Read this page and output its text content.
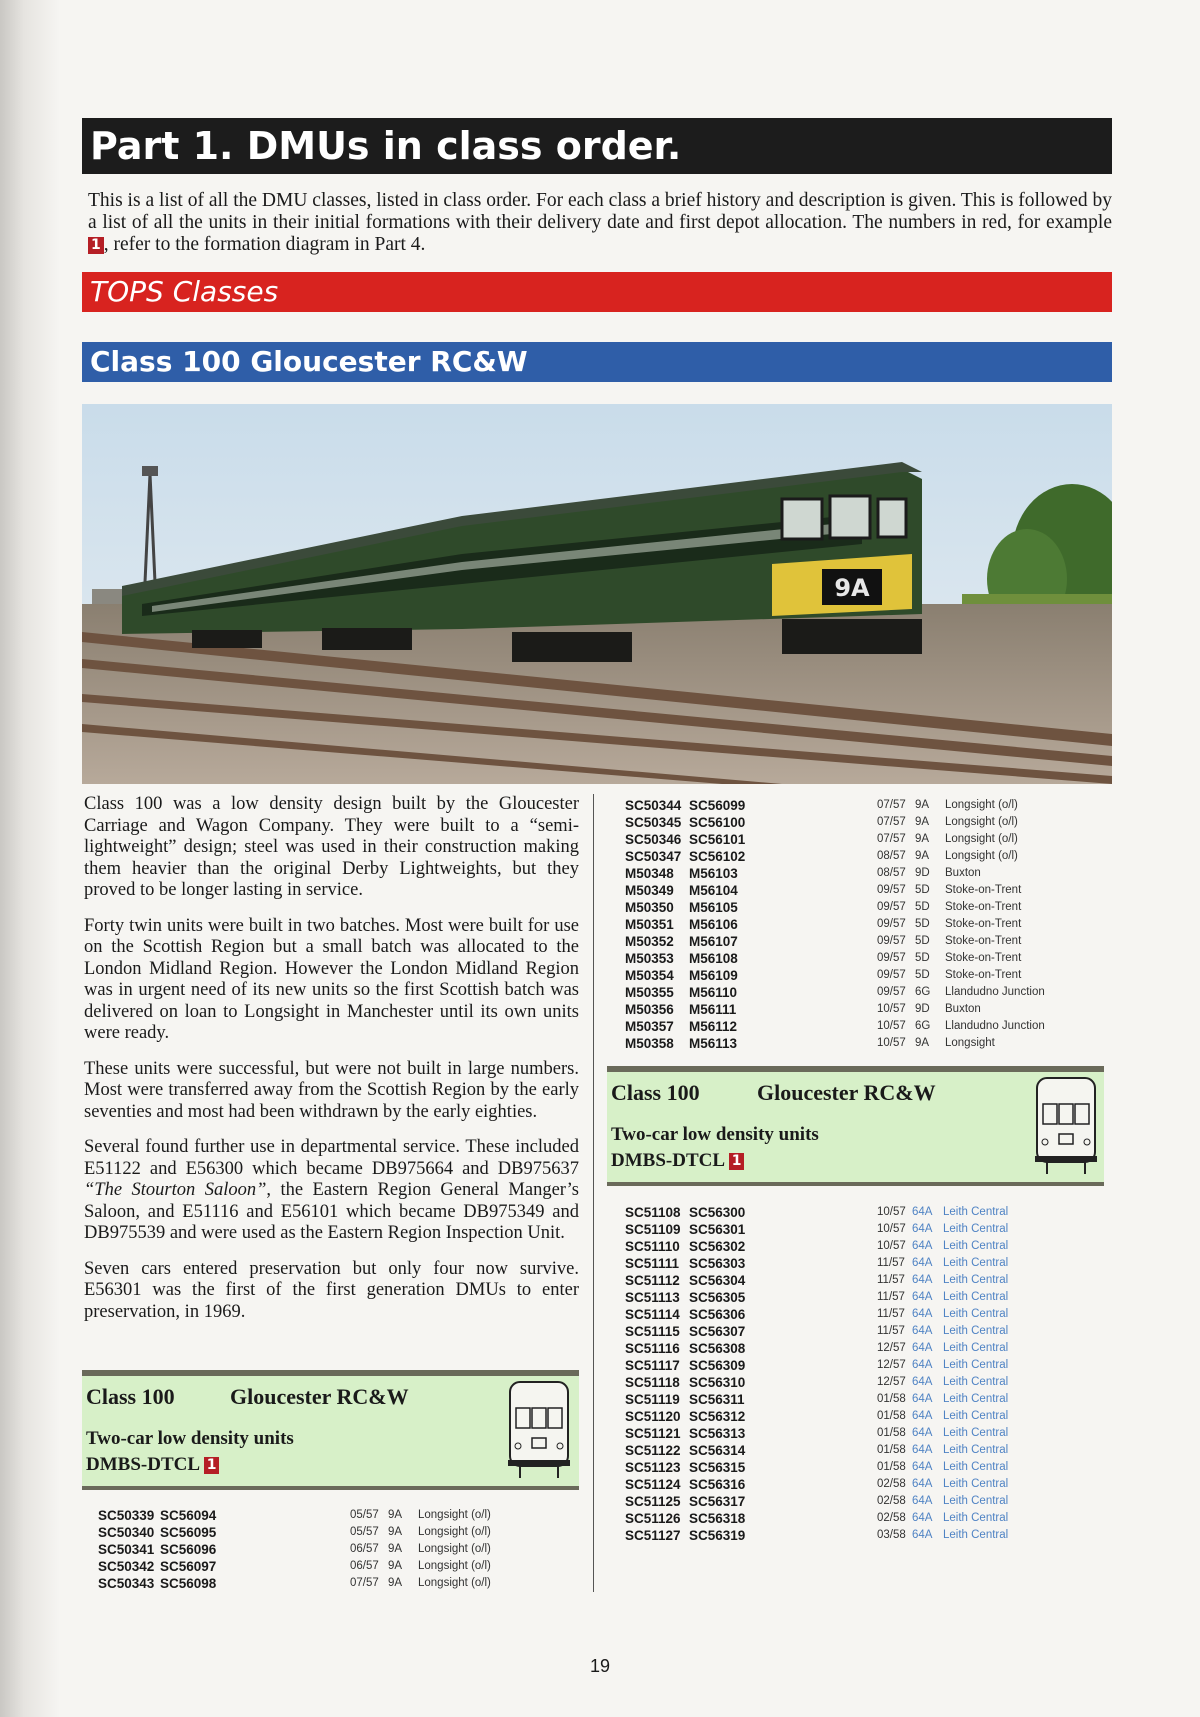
Part 1. DMUs in class order.
This is a list of all the DMU classes, listed in class order. For each class a brief history and description is given. This is followed by a list of all the units in their initial formations with their delivery date and first depot allocation. The numbers in red, for example 1 , refer to the formation diagram in Part 4.
TOPS Classes
Class 100 Gloucester RC&W
9A

Class 100 was a low density design built by the Gloucester Carriage and Wagon Company. They were built to a “semi-lightweight” design; steel was used in their construction making them heavier than the original Derby Lightweights, but they proved to be longer lasting in service.

Forty twin units were built in two batches. Most were built for use on the Scottish Region but a small batch was allocated to the London Midland Region. However the London Midland Region was in urgent need of its new units so the first Scottish batch was delivered on loan to Longsight in Manchester until its own units were ready.

These units were successful, but were not built in large numbers. Most were transferred away from the Scottish Region by the early seventies and most had been withdrawn by the early eighties.

Several found further use in departmental service. These included E51122 and E56300 which became DB975664 and DB975637 “The Stourton Saloon”, the Eastern Region General Manger’s Saloon, and E51116 and E56101 which became DB975349 and DB975539 and were used as the Eastern Region Inspection Unit.

Seven cars entered preservation but only four now survive. E56301 was the first of the first generation DMUs to enter preservation, in 1969.

Class 100	Gloucester RC&W
Two-car low density units
DMBS-DTCL 1
Class 100	Gloucester RC&W
Two-car low density units
DMBS-DTCL 1
SC50339 SC56094	05/57 9A Longsight (o/l)
SC50340 SC56095	05/57 9A Longsight (o/l)
SC50341 SC56096	06/57 9A Longsight (o/l)
SC50342 SC56097	06/57 9A Longsight (o/l)
SC50343 SC56098	07/57 9A Longsight (o/l)
SC50344 SC56099	07/57 9A Longsight (o/l)
SC50345 SC56100	07/57 9A Longsight (o/l)
SC50346 SC56101	07/57 9A Longsight (o/l)
SC50347 SC56102	08/57 9A Longsight (o/l)
M50348 M56103	08/57 9D Buxton
M50349 M56104	09/57 5D Stoke-on-Trent
M50350 M56105	09/57 5D Stoke-on-Trent
M50351 M56106	09/57 5D Stoke-on-Trent
M50352 M56107	09/57 5D Stoke-on-Trent
M50353 M56108	09/57 5D Stoke-on-Trent
M50354 M56109	09/57 5D Stoke-on-Trent
M50355 M56110	09/57 6G Llandudno Junction
M50356 M56111	10/57 9D Buxton
M50357 M56112	10/57 6G Llandudno Junction
M50358 M56113	10/57 9A Longsight
SC51108 SC56300	10/57 64A Leith Central
SC51109 SC56301	10/57 64A Leith Central
SC51110 SC56302	10/57 64A Leith Central
SC51111 SC56303	11/57 64A Leith Central
SC51112 SC56304	11/57 64A Leith Central
SC51113 SC56305	11/57 64A Leith Central
SC51114 SC56306	11/57 64A Leith Central
SC51115 SC56307	11/57 64A Leith Central
SC51116 SC56308	12/57 64A Leith Central
SC51117 SC56309	12/57 64A Leith Central
SC51118 SC56310	12/57 64A Leith Central
SC51119 SC56311	01/58 64A Leith Central
SC51120 SC56312	01/58 64A Leith Central
SC51121 SC56313	01/58 64A Leith Central
SC51122 SC56314	01/58 64A Leith Central
SC51123 SC56315	01/58 64A Leith Central
SC51124 SC56316	02/58 64A Leith Central
SC51125 SC56317	02/58 64A Leith Central
SC51126 SC56318	02/58 64A Leith Central
SC51127 SC56319	03/58 64A Leith Central
19
